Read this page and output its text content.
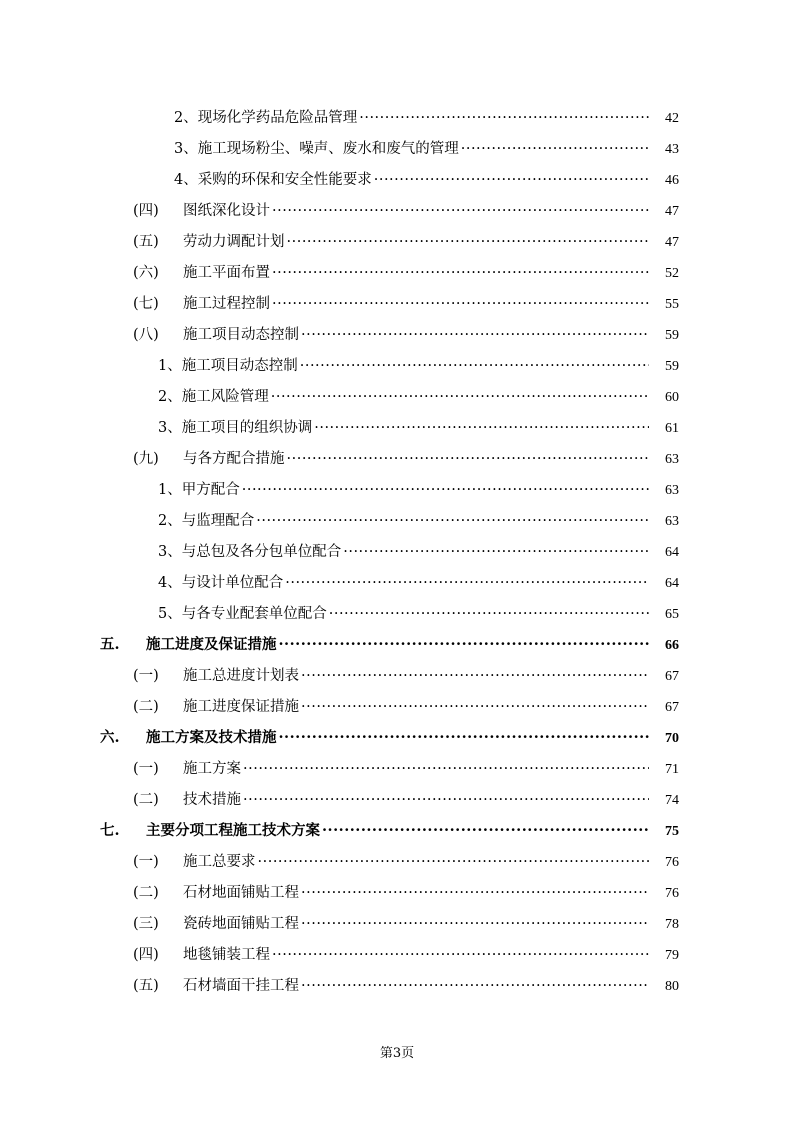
2、 现场化学药品危险品管理 ·····	42
3、 施工现场粉尘、噪声、废水和废气的管理 ·····	43
4、 采购的环保和安全性能要求 ·····	46
(四)	图纸深化设计 ·····	47
(五)	劳动力调配计划 ·····	47
(六)	施工平面布置 ·····	52
(七)	施工过程控制 ·····	55
(八)	施工项目动态控制 ·····	59
1、 施工项目动态控制 ·····	59
2、 施工风险管理 ·····	60
3、 施工项目的组织协调 ·····	61
(九)	与各方配合措施 ·····	63
1、 甲方配合 ·····	63
2、 与监理配合 ·····	63
3、 与总包及各分包单位配合 ·····	64
4、 与设计单位配合 ·····	64
5、 与各专业配套单位配合 ·····	65
五.	施工进度及保证措施 ·····	66
(一)	施工总进度计划表 ·····	67
(二)	施工进度保证措施 ·····	67
六.	施工方案及技术措施 ·····	70
(一)	施工方案 ·····	71
(二)	技术措施 ·····	74
七.	主要分项工程施工技术方案 ·····	75
(一)	施工总要求 ·····	76
(二)	石材地面铺贴工程 ·····	76
(三)	瓷砖地面铺贴工程 ·····	78
(四)	地毯铺装工程 ·····	79
(五)	石材墙面干挂工程 ·····	80
第3页
